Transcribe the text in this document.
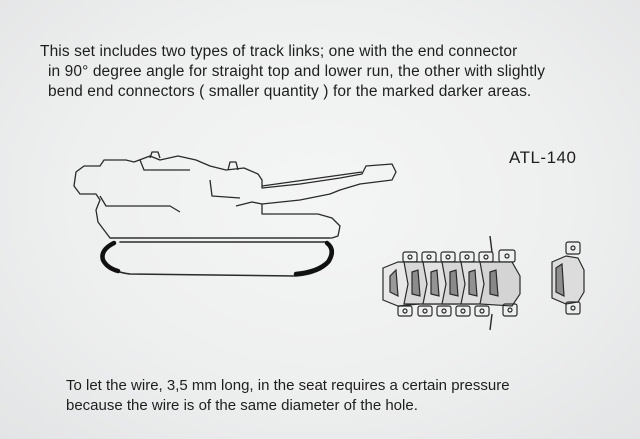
This set includes two types of track links; one with the end connector
in 90° degree angle for straight top and lower run, the other with slightly
bend end connectors ( smaller quantity ) for the marked darker areas.
ATL-140
To let the wire, 3,5 mm long, in the seat requires a certain pressure
because the wire is of the same diameter of the hole.
